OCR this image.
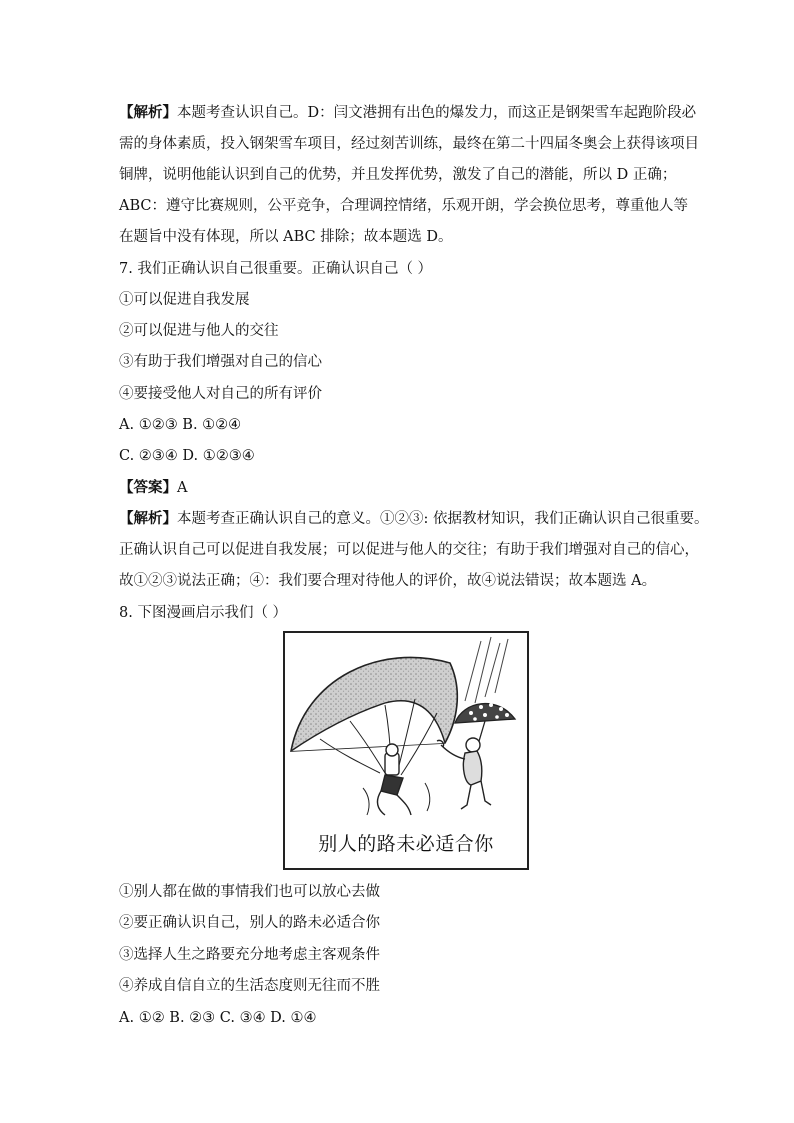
【解析】本题考查认识自己。D：闫文港拥有出色的爆发力，而这正是钢架雪车起跑阶段必
需的身体素质，投入钢架雪车项目，经过刻苦训练，最终在第二十四届冬奥会上获得该项目
铜牌，说明他能认识到自己的优势，并且发挥优势，激发了自己的潜能，所以 D 正确；
ABC：遵守比赛规则，公平竞争，合理调控情绪，乐观开朗，学会换位思考，尊重他人等
在题旨中没有体现，所以 ABC 排除；故本题选 D。
7. 我们正确认识自己很重要。正确认识自己（ ）
①可以促进自我发展
②可以促进与他人的交往
③有助于我们增强对自己的信心
④要接受他人对自己的所有评价
A. ①②③ B. ①②④
C. ②③④ D. ①②③④
【答案】A
【解析】本题考查正确认识自己的意义。①②③: 依据教材知识，我们正确认识自己很重要。
正确认识自己可以促进自我发展；可以促进与他人的交往；有助于我们增强对自己的信心，
故①②③说法正确；④：我们要合理对待他人的评价，故④说法错误；故本题选 A。
8. 下图漫画启示我们（ ）
别人的路未必适合你
①别人都在做的事情我们也可以放心去做
②要正确认识自己，别人的路未必适合你
③选择人生之路要充分地考虑主客观条件
④养成自信自立的生活态度则无往而不胜
A. ①② B. ②③ C. ③④ D. ①④
